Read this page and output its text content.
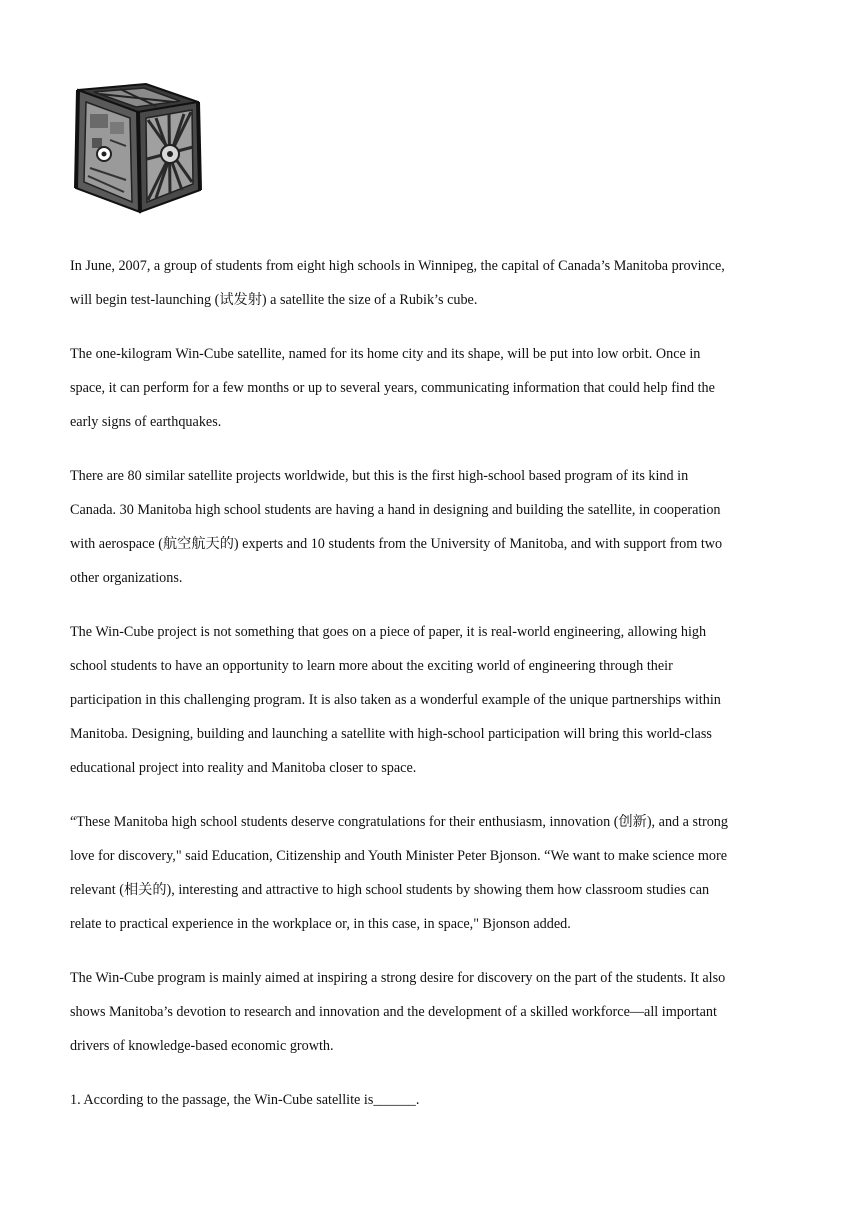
In June, 2007, a group of students from eight high schools in Winnipeg, the capital of Canada’s Manitoba province,
will begin test-launching (试发射) a satellite the size of a Rubik’s cube.

The one-kilogram Win-Cube satellite, named for its home city and its shape, will be put into low orbit. Once in
space, it can perform for a few months or up to several years, communicating information that could help find the
early signs of earthquakes.

There are 80 similar satellite projects worldwide, but this is the first high-school based program of its kind in
Canada. 30 Manitoba high school students are having a hand in designing and building the satellite, in cooperation
with aerospace (航空航天的) experts and 10 students from the University of Manitoba, and with support from two
other organizations.

The Win-Cube project is not something that goes on a piece of paper, it is real-world engineering, allowing high
school students to have an opportunity to learn more about the exciting world of engineering through their
participation in this challenging program. It is also taken as a wonderful example of the unique partnerships within
Manitoba. Designing, building and launching a satellite with high-school participation will bring this world-class
educational project into reality and Manitoba closer to space.

“These Manitoba high school students deserve congratulations for their enthusiasm, innovation (创新), and a strong
love for discovery," said Education, Citizenship and Youth Minister Peter Bjonson. “We want to make science more
relevant (相关的), interesting and attractive to high school students by showing them how classroom studies can
relate to practical experience in the workplace or, in this case, in space," Bjonson added.

The Win-Cube program is mainly aimed at inspiring a strong desire for discovery on the part of the students. It also
shows Manitoba’s devotion to research and innovation and the development of a skilled workforce—all important
drivers of knowledge-based economic growth.

1. According to the passage, the Win-Cube satellite is______.
